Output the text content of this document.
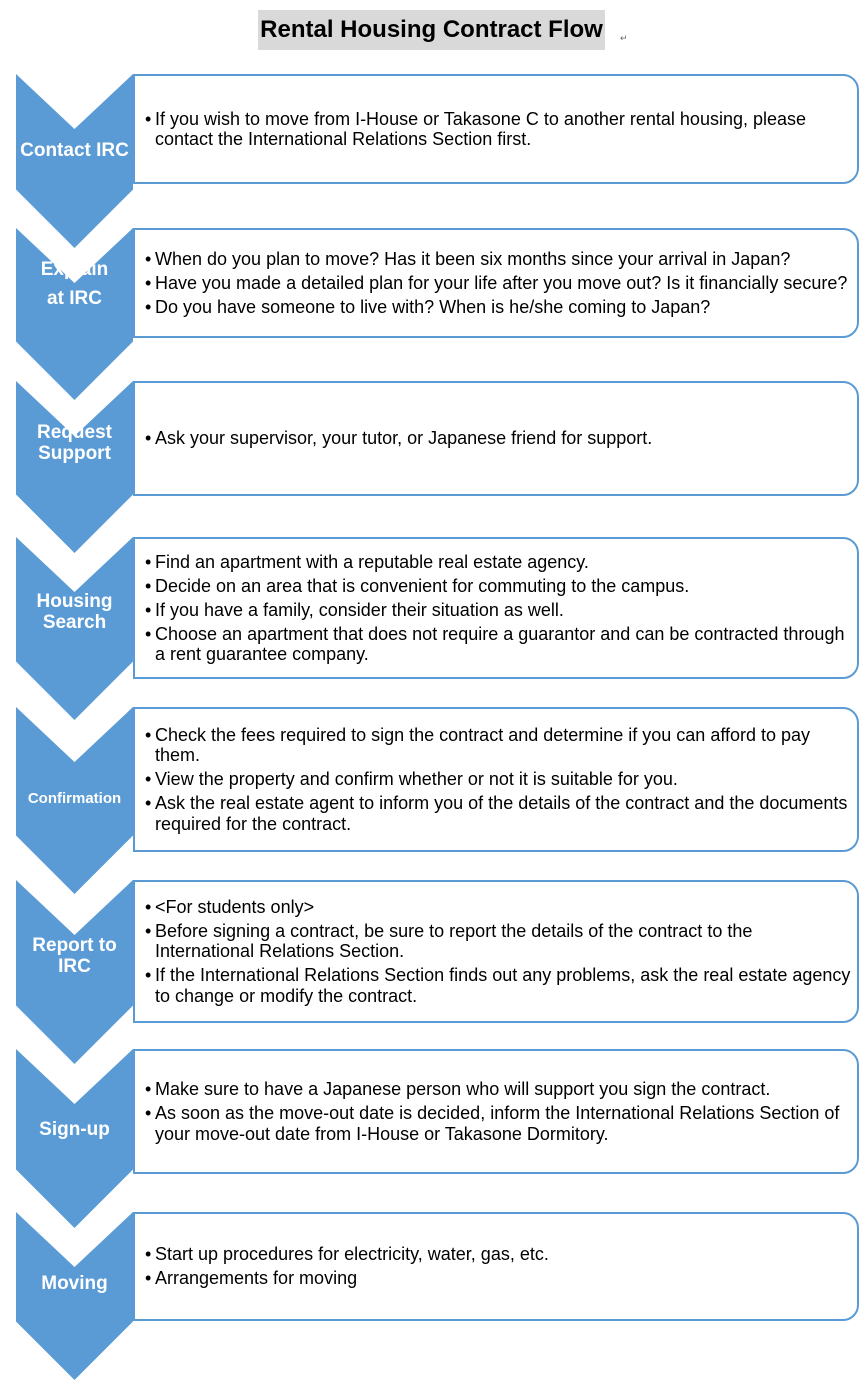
Rental Housing Contract Flow	↵
Contact IRC
• If you wish to move from I-House or Takasone C to another rental housing, please contact the International Relations Section first.
Explain
at IRC
• When do you plan to move? Has it been six months since your arrival in Japan?
• Have you made a detailed plan for your life after you move out? Is it financially secure?
• Do you have someone to live with? When is he/she coming to Japan?
Request
Support
• Ask your supervisor, your tutor, or Japanese friend for support.
Housing
Search
• Find an apartment with a reputable real estate agency.
• Decide on an area that is convenient for commuting to the campus.
• If you have a family, consider their situation as well.
• Choose an apartment that does not require a guarantor and can be contracted through a rent guarantee company.
Confirmation
• Check the fees required to sign the contract and determine if you can afford to pay them.
• View the property and confirm whether or not it is suitable for you.
• Ask the real estate agent to inform you of the details of the contract and the documents required for the contract.
Report to
IRC
• <For students only>
• Before signing a contract, be sure to report the details of the contract to the International Relations Section.
• If the International Relations Section finds out any problems, ask the real estate agency to change or modify the contract.
Sign-up
• Make sure to have a Japanese person who will support you sign the contract.
• As soon as the move-out date is decided, inform the International Relations Section of your move-out date from I-House or Takasone Dormitory.
Moving
• Start up procedures for electricity, water, gas, etc.
• Arrangements for moving
